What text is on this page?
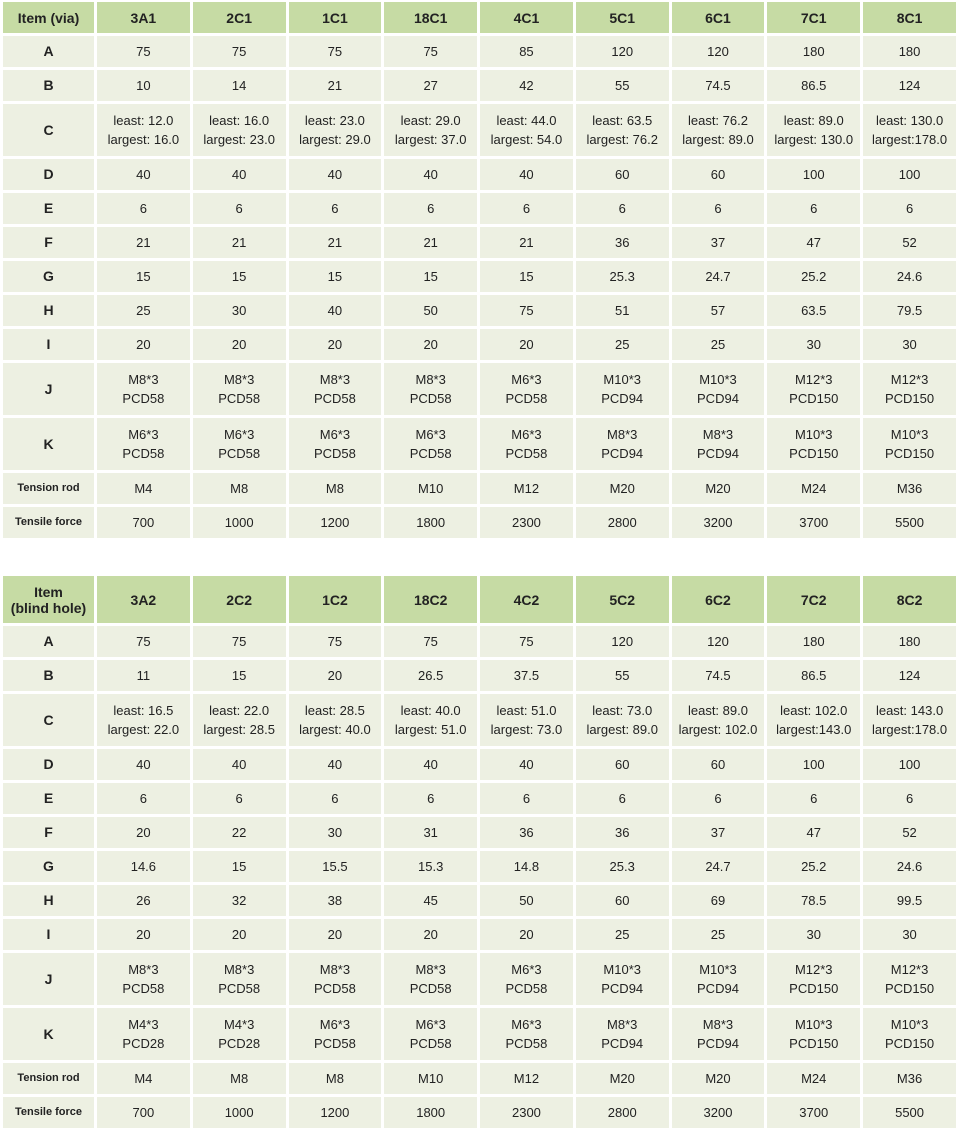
Item (via)	3A1	2C1	1C1	18C1	4C1	5C1	6C1	7C1	8C1
A	75	75	75	75	85	120	120	180	180
B	10	14	21	27	42	55	74.5	86.5	124
C	least: 12.0
largest: 16.0	least: 16.0
largest: 23.0	least: 23.0
largest: 29.0	least: 29.0
largest: 37.0	least: 44.0
largest: 54.0	least: 63.5
largest: 76.2	least: 76.2
largest: 89.0	least: 89.0
largest: 130.0	least: 130.0
largest:178.0

D	40	40	40	40	40	60	60	100	100
E	6	6	6	6	6	6	6	6	6
F	21	21	21	21	21	36	37	47	52
G	15	15	15	15	15	25.3	24.7	25.2	24.6
H	25	30	40	50	75	51	57	63.5	79.5
I	20	20	20	20	20	25	25	30	30
J	M8*3
PCD58	M8*3
PCD58	M8*3
PCD58	M8*3
PCD58	M6*3
PCD58	M10*3
PCD94	M10*3
PCD94	M12*3
PCD150	M12*3
PCD150

K	M6*3
PCD58	M6*3
PCD58	M6*3
PCD58	M6*3
PCD58	M6*3
PCD58	M8*3
PCD94	M8*3
PCD94	M10*3
PCD150	M10*3
PCD150

Tension rod	M4	M8	M8	M10	M12	M20	M20	M24	M36
Tensile force	700	1000	1200	1800	2300	2800	3200	3700	5500
Item
(blind hole)	3A2	2C2	1C2	18C2	4C2	5C2	6C2	7C2	8C2
A	75	75	75	75	75	120	120	180	180
B	11	15	20	26.5	37.5	55	74.5	86.5	124
C	least: 16.5
largest: 22.0	least: 22.0
largest: 28.5	least: 28.5
largest: 40.0	least: 40.0
largest: 51.0	least: 51.0
largest: 73.0	least: 73.0
largest: 89.0	least: 89.0
largest: 102.0	least: 102.0
largest:143.0	least: 143.0
largest:178.0

D	40	40	40	40	40	60	60	100	100
E	6	6	6	6	6	6	6	6	6
F	20	22	30	31	36	36	37	47	52
G	14.6	15	15.5	15.3	14.8	25.3	24.7	25.2	24.6
H	26	32	38	45	50	60	69	78.5	99.5
I	20	20	20	20	20	25	25	30	30
J	M8*3
PCD58	M8*3
PCD58	M8*3
PCD58	M8*3
PCD58	M6*3
PCD58	M10*3
PCD94	M10*3
PCD94	M12*3
PCD150	M12*3
PCD150

K	M4*3
PCD28	M4*3
PCD28	M6*3
PCD58	M6*3
PCD58	M6*3
PCD58	M8*3
PCD94	M8*3
PCD94	M10*3
PCD150	M10*3
PCD150

Tension rod	M4	M8	M8	M10	M12	M20	M20	M24	M36
Tensile force	700	1000	1200	1800	2300	2800	3200	3700	5500
